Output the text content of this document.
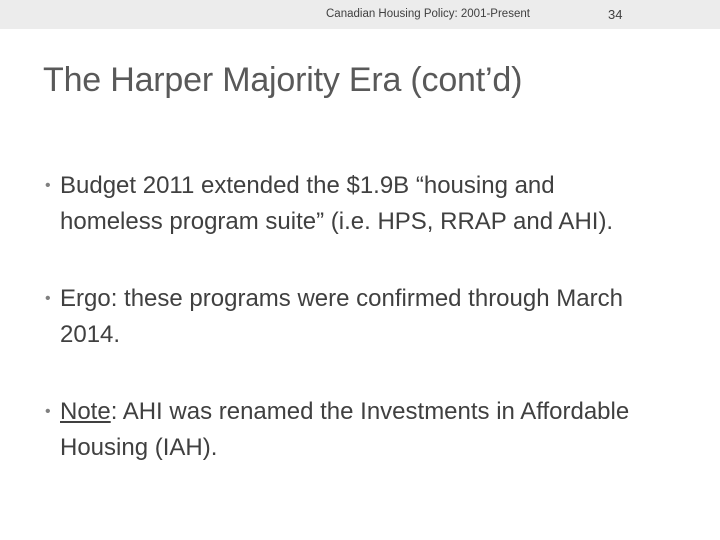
Canadian Housing Policy: 2001-Present	34
The Harper Majority Era (cont’d)
• Budget 2011 extended the $1.9B “housing and homeless program suite” (i.e. HPS, RRAP and AHI).
• Ergo: these programs were confirmed through March 2014.
• Note: AHI was renamed the Investments in Affordable Housing (IAH).
